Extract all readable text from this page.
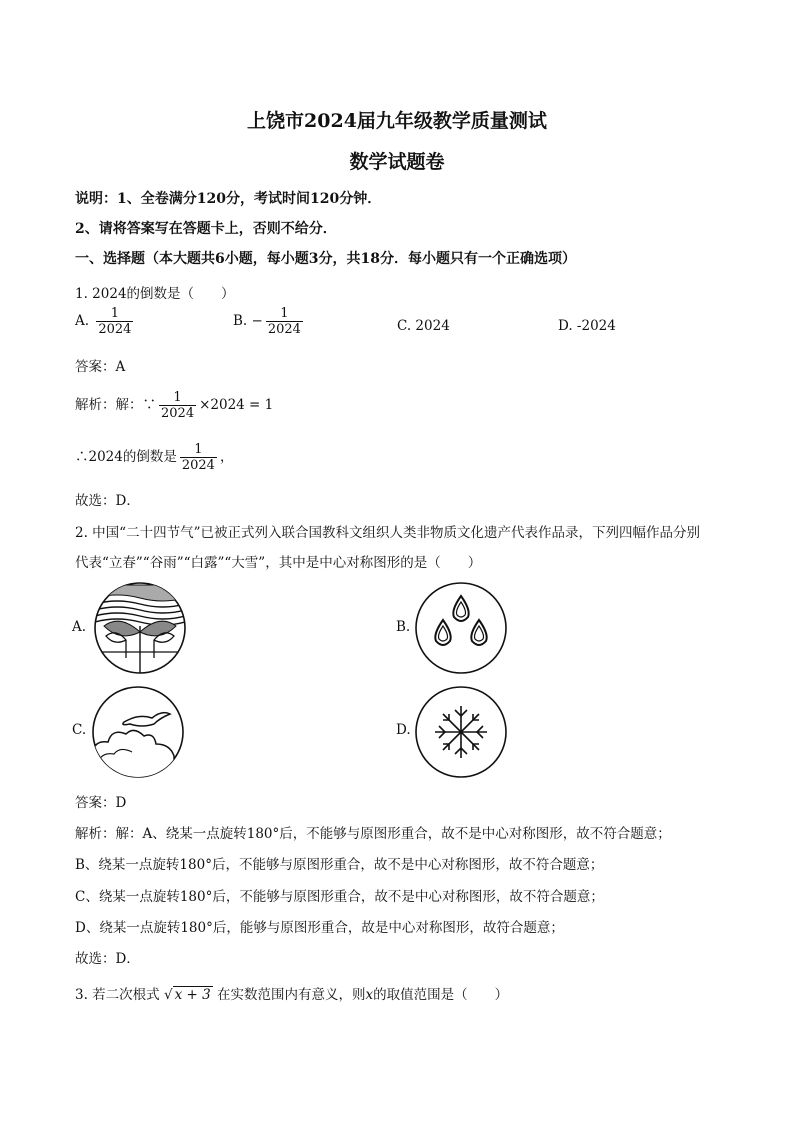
上饶市2024届九年级教学质量测试
数学试题卷
说明：1、全卷满分120分，考试时间120分钟．
2、请将答案写在答题卡上，否则不给分．
一、选择题（本大题共6小题，每小题3分，共18分．每小题只有一个正确选项）
1. 2024的倒数是（　　）
A. $\frac{1}{2024}$	B. − $\frac{1}{2024}$	C. 2024	D. -2024
答案：A
解析：解：∵ $\frac{1}{2024} \times 2024 = 1$
∴2024的倒数是 $\frac{1}{2024}$ ，
故选：D．
2. 中国“二十四节气”已被正式列入联合国教科文组织人类非物质文化遗产代表作品录，下列四幅作品分别
代表“立春”“谷雨”“白露”“大雪”，其中是中心对称图形的是（　　）
A.	B.
C.	D.
答案：D
解析：解：A、绕某一点旋转180°后，不能够与原图形重合，故不是中心对称图形，故不符合题意；
B、绕某一点旋转180°后，不能够与原图形重合，故不是中心对称图形，故不符合题意；
C、绕某一点旋转180°后，不能够与原图形重合，故不是中心对称图形，故不符合题意；
D、绕某一点旋转180°后，能够与原图形重合，故是中心对称图形，故符合题意；
故选：D．
3. 若二次根式 √ x + 3 在实数范围内有意义，则x的取值范围是（　　）
